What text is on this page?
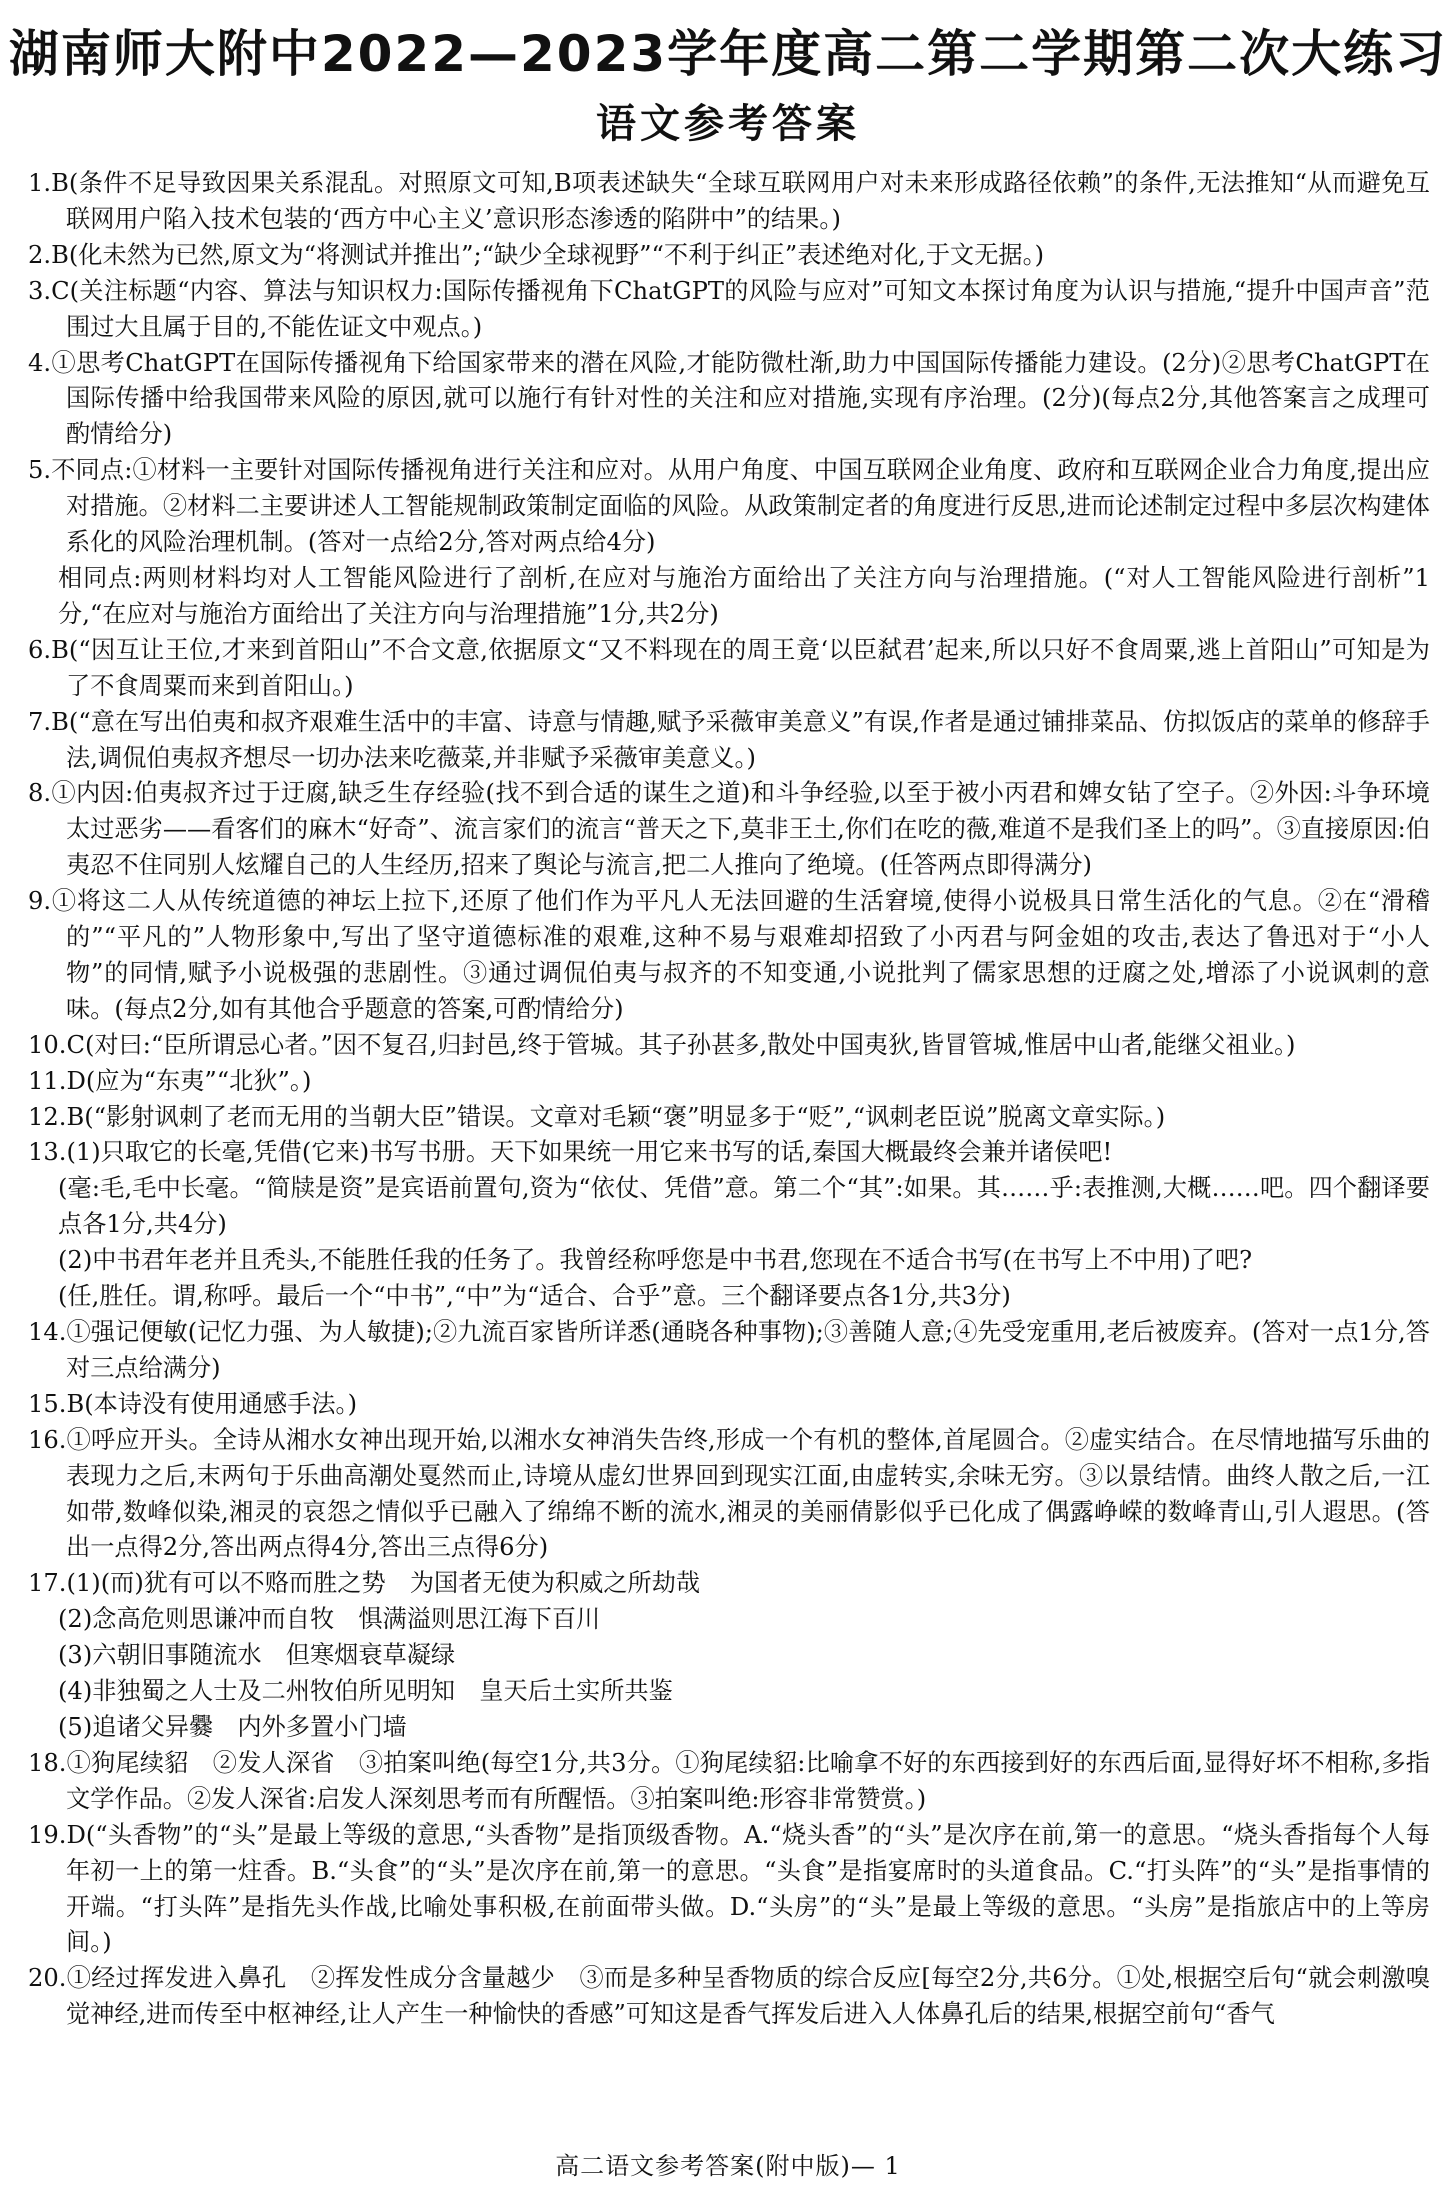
湖南师大附中2022—2023学年度高二第二学期第二次大练习
语文参考答案

1.B(条件不足导致因果关系混乱。对照原文可知,B项表述缺失“全球互联网用户对未来形成路径依赖”的条件,无法推知“从而避免互联网用户陷入技术包装的‘西方中心主义’意识形态渗透的陷阱中”的结果。)

2.B(化未然为已然,原文为“将测试并推出”;“缺少全球视野”“不利于纠正”表述绝对化,于文无据。)

3.C(关注标题“内容、算法与知识权力:国际传播视角下ChatGPT的风险与应对”可知文本探讨角度为认识与措施,“提升中国声音”范围过大且属于目的,不能佐证文中观点。)

4.①思考ChatGPT在国际传播视角下给国家带来的潜在风险,才能防微杜渐,助力中国国际传播能力建设。(2分)②思考ChatGPT在国际传播中给我国带来风险的原因,就可以施行有针对性的关注和应对措施,实现有序治理。(2分)(每点2分,其他答案言之成理可酌情给分)

5.不同点:①材料一主要针对国际传播视角进行关注和应对。从用户角度、中国互联网企业角度、政府和互联网企业合力角度,提出应对措施。②材料二主要讲述人工智能规制政策制定面临的风险。从政策制定者的角度进行反思,进而论述制定过程中多层次构建体系化的风险治理机制。(答对一点给2分,答对两点给4分)

相同点:两则材料均对人工智能风险进行了剖析,在应对与施治方面给出了关注方向与治理措施。(“对人工智能风险进行剖析”1分,“在应对与施治方面给出了关注方向与治理措施”1分,共2分)

6.B(“因互让王位,才来到首阳山”不合文意,依据原文“又不料现在的周王竟‘以臣弑君’起来,所以只好不食周粟,逃上首阳山”可知是为了不食周粟而来到首阳山。)

7.B(“意在写出伯夷和叔齐艰难生活中的丰富、诗意与情趣,赋予采薇审美意义”有误,作者是通过铺排菜品、仿拟饭店的菜单的修辞手法,调侃伯夷叔齐想尽一切办法来吃薇菜,并非赋予采薇审美意义。)

8.①内因:伯夷叔齐过于迂腐,缺乏生存经验(找不到合适的谋生之道)和斗争经验,以至于被小丙君和婢女钻了空子。②外因:斗争环境太过恶劣——看客们的麻木“好奇”、流言家们的流言“普天之下,莫非王土,你们在吃的薇,难道不是我们圣上的吗”。③直接原因:伯夷忍不住同别人炫耀自己的人生经历,招来了舆论与流言,把二人推向了绝境。(任答两点即得满分)

9.①将这二人从传统道德的神坛上拉下,还原了他们作为平凡人无法回避的生活窘境,使得小说极具日常生活化的气息。②在“滑稽的”“平凡的”人物形象中,写出了坚守道德标准的艰难,这种不易与艰难却招致了小丙君与阿金姐的攻击,表达了鲁迅对于“小人物”的同情,赋予小说极强的悲剧性。③通过调侃伯夷与叔齐的不知变通,小说批判了儒家思想的迂腐之处,增添了小说讽刺的意味。(每点2分,如有其他合乎题意的答案,可酌情给分)

10.C(对曰:“臣所谓忌心者。”因不复召,归封邑,终于管城。其子孙甚多,散处中国夷狄,皆冒管城,惟居中山者,能继父祖业。)

11.D(应为“东夷”“北狄”。)

12.B(“影射讽刺了老而无用的当朝大臣”错误。文章对毛颖“褒”明显多于“贬”,“讽刺老臣说”脱离文章实际。)

13.(1)只取它的长毫,凭借(它来)书写书册。天下如果统一用它来书写的话,秦国大概最终会兼并诸侯吧!

(毫:毛,毛中长毫。“简牍是资”是宾语前置句,资为“依仗、凭借”意。第二个“其”:如果。其……乎:表推测,大概……吧。四个翻译要点各1分,共4分)

(2)中书君年老并且秃头,不能胜任我的任务了。我曾经称呼您是中书君,您现在不适合书写(在书写上不中用)了吧?

(任,胜任。谓,称呼。最后一个“中书”,“中”为“适合、合乎”意。三个翻译要点各1分,共3分)

14.①强记便敏(记忆力强、为人敏捷);②九流百家皆所详悉(通晓各种事物);③善随人意;④先受宠重用,老后被废弃。(答对一点1分,答对三点给满分)

15.B(本诗没有使用通感手法。)

16.①呼应开头。全诗从湘水女神出现开始,以湘水女神消失告终,形成一个有机的整体,首尾圆合。②虚实结合。在尽情地描写乐曲的表现力之后,末两句于乐曲高潮处戛然而止,诗境从虚幻世界回到现实江面,由虚转实,余味无穷。③以景结情。曲终人散之后,一江如带,数峰似染,湘灵的哀怨之情似乎已融入了绵绵不断的流水,湘灵的美丽倩影似乎已化成了偶露峥嵘的数峰青山,引人遐思。(答出一点得2分,答出两点得4分,答出三点得6分)

17.(1)(而)犹有可以不赂而胜之势　为国者无使为积威之所劫哉

(2)念高危则思谦冲而自牧　惧满溢则思江海下百川

(3)六朝旧事随流水　但寒烟衰草凝绿

(4)非独蜀之人士及二州牧伯所见明知　皇天后土实所共鉴

(5)追诸父异爨　内外多置小门墙

18.①狗尾续貂　②发人深省　③拍案叫绝(每空1分,共3分。①狗尾续貂:比喻拿不好的东西接到好的东西后面,显得好坏不相称,多指文学作品。②发人深省:启发人深刻思考而有所醒悟。③拍案叫绝:形容非常赞赏。)

19.D(“头香物”的“头”是最上等级的意思,“头香物”是指顶级香物。A.“烧头香”的“头”是次序在前,第一的意思。“烧头香指每个人每年初一上的第一炷香。B.“头食”的“头”是次序在前,第一的意思。“头食”是指宴席时的头道食品。C.“打头阵”的“头”是指事情的开端。“打头阵”是指先头作战,比喻处事积极,在前面带头做。D.“头房”的“头”是最上等级的意思。“头房”是指旅店中的上等房间。)

20.①经过挥发进入鼻孔　②挥发性成分含量越少　③而是多种呈香物质的综合反应[每空2分,共6分。①处,根据空后句“就会刺激嗅觉神经,进而传至中枢神经,让人产生一种愉快的香感”可知这是香气挥发后进入人体鼻孔后的结果,根据空前句“香气

高二语文参考答案(附中版)— 1
